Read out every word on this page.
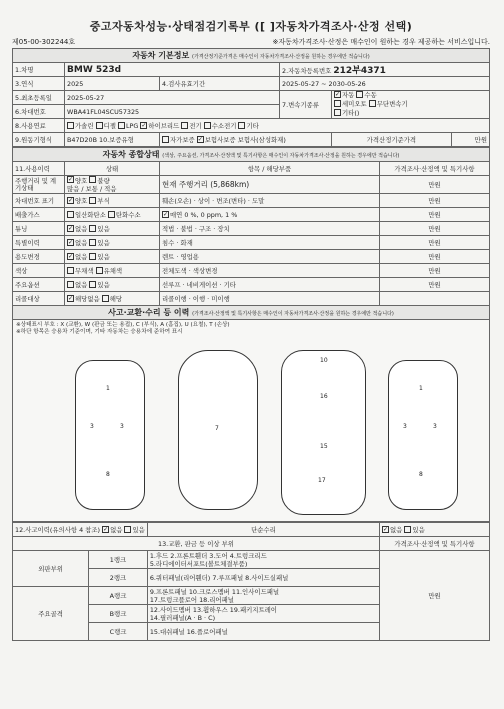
중고자동차성능·상태점검기록부 ([ ]자동차가격조사·산정 선택)
제05-00-302244호	※자동차가격조사·산정은 매수인이 원하는 경우 제공하는 서비스입니다.
자동차 기본정보 (가격산정기준가격은 매수인이 자동차가격조사·산정을 원하는 경우에만 적습니다)					
1.차명	BMW 523d		2.자동차등록번호 212부4371		
3.연식	2025	4.검사유효기간	2025-05-27 ~ 2030-05-26		
5.최초등록일	2025-05-27		7.변속기종류	✓자동 수동
세미오토 무단변속기
기타()
6.차대번호	WBA41FL04SCU57325				
8.사용연료	가솔린 디젤 LPG ✓ 하이브리드 전기 수소전기 기타
9.원동기형식	B47D20B 10.보증유형	자가보증 ✓ 보험사보증 보험사(삼성화재)		가격산정기준가격	만원
자동차 종합상태 (색상, 주요옵션, 가격조사·산정액 및 특기사항은 매수인이 자동차가격조사·산정을 원하는 경우에만 적습니다)			
11.사용이력	상태	항목 / 해당부품	가격조사·산정액 및 특기사항
주행거리 및 계기상태	✓양호 불량
많음 / 보통 / 적음	현재 주행거리 (5,868km)	만원
차대번호 표기	✓양호 부식	훼손(오손) · 상이 · 변조(변타) · 도말	만원
배출가스	일산화탄소 탄화수소	✓매연 0 %, 0 ppm, 1 %	만원
튜닝	✓없음 있음	적법 · 불법 · 구조 · 장치	만원
특별이력	✓없음 있음	침수 · 화재	만원
용도변경	✓없음 있음	렌트 · 영업용	만원
색상	무채색 유채색	전체도색 · 색상변경	만원
주요옵션	없음 있음	선루프 · 네비게이션 · 기타	만원
리콜대상	✓해당없음 해당	리콜이행 · 이행 · 미이행	
사고·교환·수리 등 이력 (가격조사·산정액 및 특기사항은 매수인이 자동차가격조사·산정을 원하는 경우에만 적습니다)			
※상태표시 부호 : X (교환), W (판금 또는 용접), C (부식), A (흠집), U (요철), T (손상)
※하단 항목은 승용차 기준이며, 기타 자동차는 승용차에 준하여 표시
1
3	3
8
7
10
16
15
17
1
3	3
8
12.사고이력(유의사항 4 참조) ✓ 없음 있음		단순수리	✓없음 있음
13.교환, 판금 등 이상 부위			가격조사·산정액 및 특기사항
외판부위	1랭크	1.후드 2.프론트휀더 3.도어 4.트렁크리드
5.라디에이터서포트(볼트체결부품)	만원
	2랭크	6.쿼터패널(리어휀더) 7.루프패널 8.사이드실패널	
주요골격	A랭크	9.프론트패널 10.크로스멤버 11.인사이드패널
17.트렁크플로어 18.리어패널	
	B랭크	12.사이드멤버 13.휠하우스 19.패키지트레이
14.필러패널(A · B · C)	
	C랭크	15.대쉬패널 16.플로어패널	
